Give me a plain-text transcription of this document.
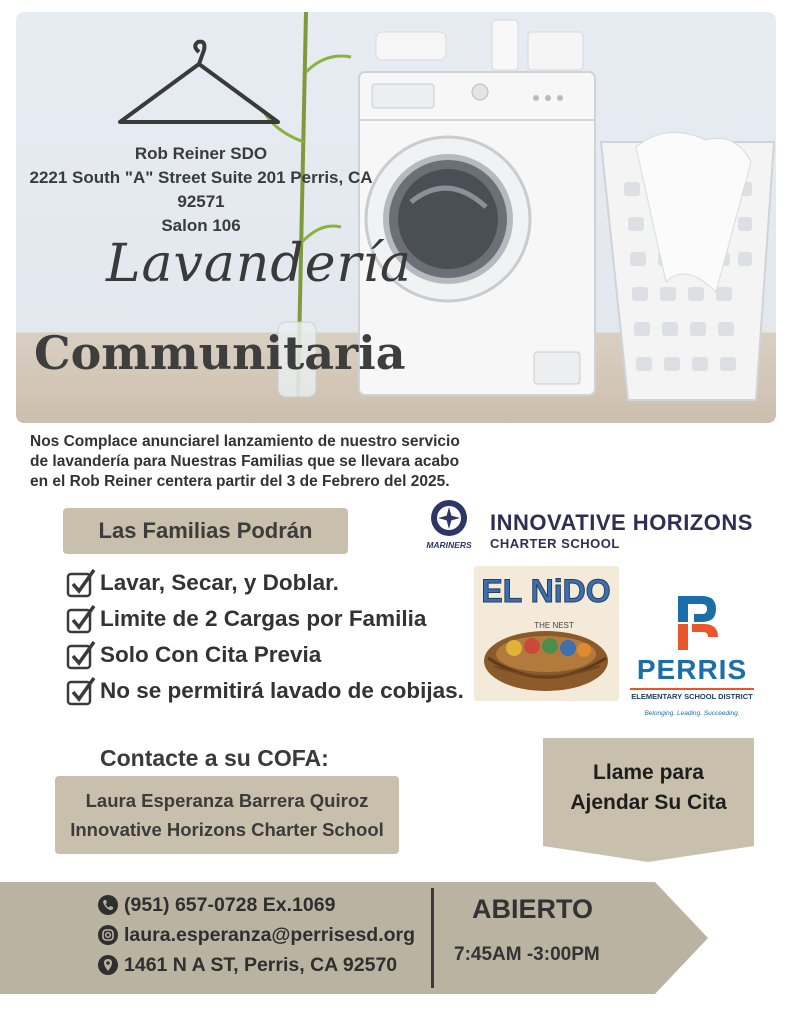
Rob Reiner SDO
2221 South "A" Street Suite 201 Perris, CA
92571
Salon 106
Lavandería
Communitaria
Nos Complace anunciarel lanzamiento de nuestro servicio
de lavandería para Nuestras Familias que se llevara acabo
en el Rob Reiner centera partir del 3 de Febrero del 2025.
Las Familias Podrán
Lavar, Secar, y Doblar.
Limite de 2 Cargas por Familia
Solo Con Cita Previa
No se permitirá lavado de cobijas.
MARINERS
INNOVATIVE HORIZONS
CHARTER SCHOOL
EL NiDO
THE NEST
PERRIS
ELEMENTARY SCHOOL DISTRICT
Belonging. Leading. Succeeding.
Contacte a su COFA:
Laura Esperanza Barrera Quiroz
Innovative Horizons Charter School
Llame para
Ajendar Su Cita
(951) 657-0728 Ex.1069
laura.esperanza@perrisesd.org
1461 N A ST, Perris, CA 92570
ABIERTO
7:45AM -3:00PM
